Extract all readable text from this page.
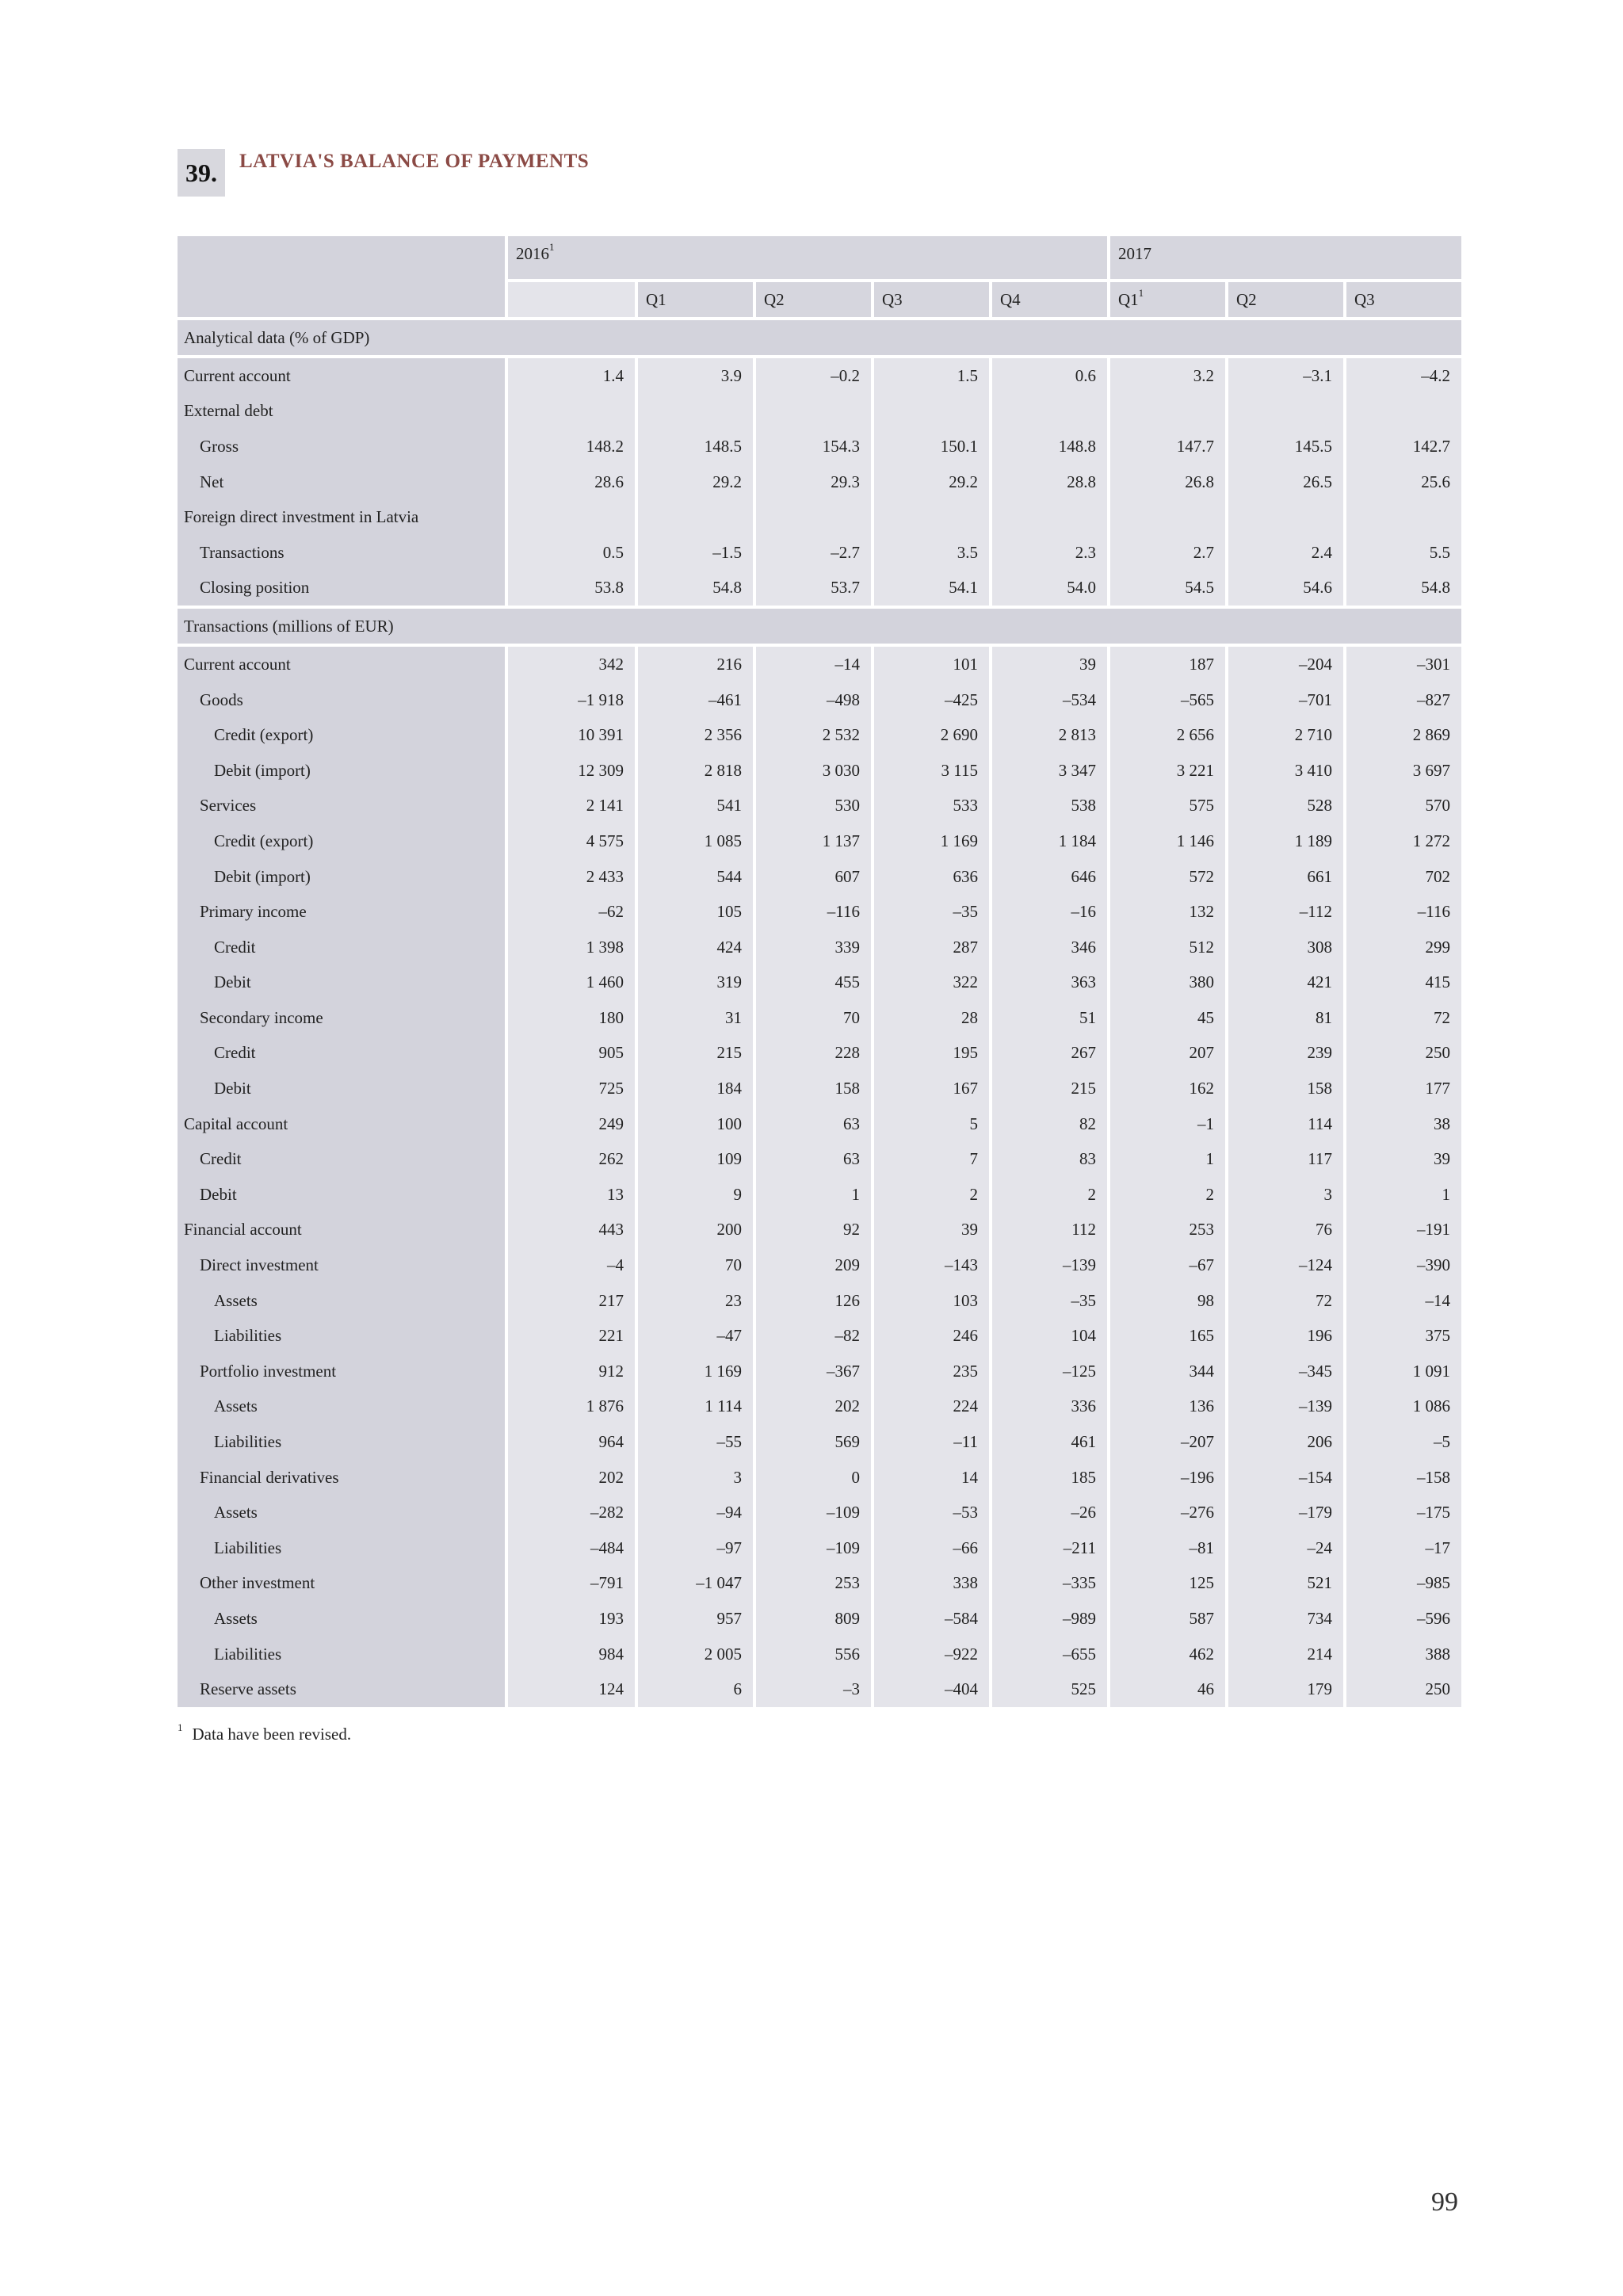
39.	LATVIA'S BALANCE OF PAYMENTS
	2016$^1$					2017		
		Q1	Q2	Q3	Q4	$Q1^1$	Q2	Q3
Analytical data (% of GDP)								
Current account	1.4	3.9	–0.2	1.5	0.6	3.2	–3.1	–4.2
External debt								
Gross	148.2	148.5	154.3	150.1	148.8	147.7	145.5	142.7
Net	28.6	29.2	29.3	29.2	28.8	26.8	26.5	25.6
Foreign direct investment in Latvia								
Transactions	0.5	–1.5	–2.7	3.5	2.3	2.7	2.4	5.5
Closing position	53.8	54.8	53.7	54.1	54.0	54.5	54.6	54.8
Transactions (millions of EUR)								
Current account	342	216	–14	101	39	187	–204	–301
Goods	–1 918	–461	–498	–425	–534	–565	–701	–827
Credit (export)	10 391	2 356	2 532	2 690	2 813	2 656	2 710	2 869
Debit (import)	12 309	2 818	3 030	3 115	3 347	3 221	3 410	3 697
Services	2 141	541	530	533	538	575	528	570
Credit (export)	4 575	1 085	1 137	1 169	1 184	1 146	1 189	1 272
Debit (import)	2 433	544	607	636	646	572	661	702
Primary income	–62	105	–116	–35	–16	132	–112	–116
Credit	1 398	424	339	287	346	512	308	299
Debit	1 460	319	455	322	363	380	421	415
Secondary income	180	31	70	28	51	45	81	72
Credit	905	215	228	195	267	207	239	250
Debit	725	184	158	167	215	162	158	177
Capital account	249	100	63	5	82	–1	114	38
Credit	262	109	63	7	83	1	117	39
Debit	13	9	1	2	2	2	3	1
Financial account	443	200	92	39	112	253	76	–191
Direct investment	–4	70	209	–143	–139	–67	–124	–390
Assets	217	23	126	103	–35	98	72	–14
Liabilities	221	–47	–82	246	104	165	196	375
Portfolio investment	912	1 169	–367	235	–125	344	–345	1 091
Assets	1 876	1 114	202	224	336	136	–139	1 086
Liabilities	964	–55	569	–11	461	–207	206	–5
Financial derivatives	202	3	0	14	185	–196	–154	–158
Assets	–282	–94	–109	–53	–26	–276	–179	–175
Liabilities	–484	–97	–109	–66	–211	–81	–24	–17
Other investment	–791	–1 047	253	338	–335	125	521	–985
Assets	193	957	809	–584	–989	587	734	–596
Liabilities	984	2 005	556	–922	–655	462	214	388
Reserve assets	124	6	–3	–404	525	46	179	250
$^1$ Data have been revised.
99
